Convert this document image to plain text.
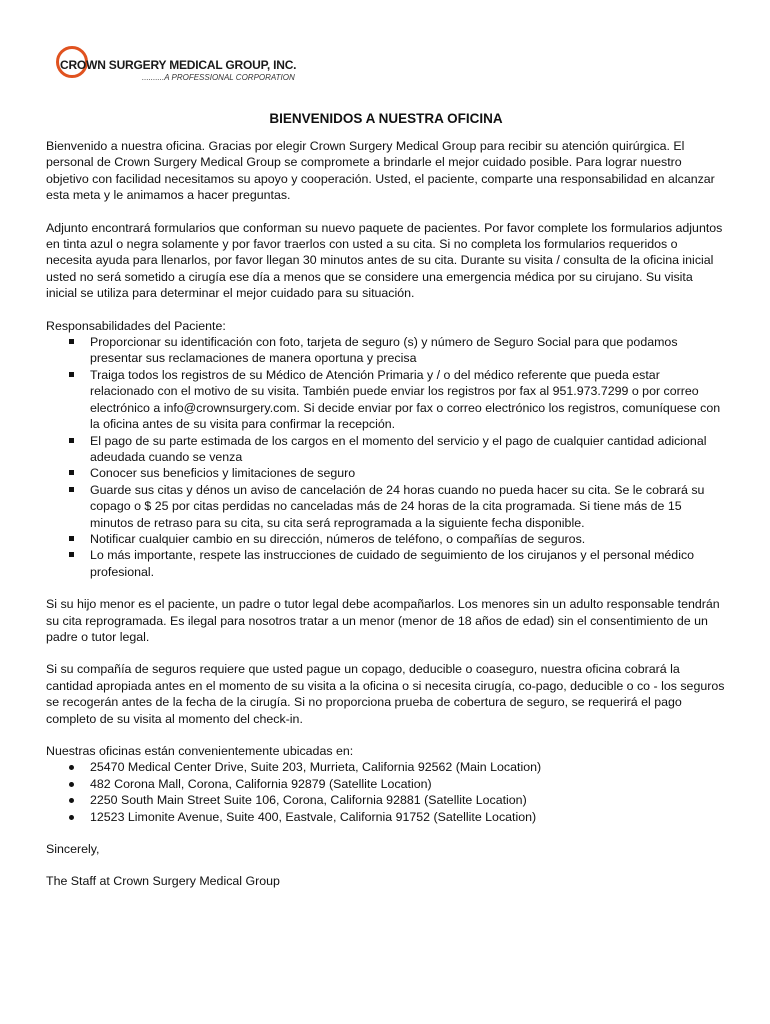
CROWN SURGERY MEDICAL GROUP, INC.
..........A PROFESSIONAL CORPORATION
BIENVENIDOS A NUESTRA OFICINA

Bienvenido a nuestra oficina. Gracias por elegir Crown Surgery Medical Group para recibir su atención quirúrgica. El personal de Crown Surgery Medical Group se compromete a brindarle el mejor cuidado posible. Para lograr nuestro objetivo con facilidad necesitamos su apoyo y cooperación. Usted, el paciente, comparte una responsabilidad en alcanzar esta meta y le animamos a hacer preguntas.

Adjunto encontrará formularios que conforman su nuevo paquete de pacientes. Por favor complete los formularios adjuntos en tinta azul o negra solamente y por favor traerlos con usted a su cita. Si no completa los formularios requeridos o necesita ayuda para llenarlos, por favor llegan 30 minutos antes de su cita. Durante su visita / consulta de la oficina inicial usted no será sometido a cirugía ese día a menos que se considere una emergencia médica por su cirujano. Su visita inicial se utiliza para determinar el mejor cuidado para su situación.

Responsabilidades del Paciente:
Proporcionar su identificación con foto, tarjeta de seguro (s) y número de Seguro Social para que podamos presentar sus reclamaciones de manera oportuna y precisa
Traiga todos los registros de su Médico de Atención Primaria y / o del médico referente que pueda estar relacionado con el motivo de su visita. También puede enviar los registros por fax al 951.973.7299 o por correo electrónico a info@crownsurgery.com. Si decide enviar por fax o correo electrónico los registros, comuníquese con la oficina antes de su visita para confirmar la recepción.
El pago de su parte estimada de los cargos en el momento del servicio y el pago de cualquier cantidad adicional adeudada cuando se venza
Conocer sus beneficios y limitaciones de seguro
Guarde sus citas y dénos un aviso de cancelación de 24 horas cuando no pueda hacer su cita. Se le cobrará su copago o $ 25 por citas perdidas no canceladas más de 24 horas de la cita programada. Si tiene más de 15 minutos de retraso para su cita, su cita será reprogramada a la siguiente fecha disponible.
Notificar cualquier cambio en su dirección, números de teléfono, o compañías de seguros.
Lo más importante, respete las instrucciones de cuidado de seguimiento de los cirujanos y el personal médico profesional.

Si su hijo menor es el paciente, un padre o tutor legal debe acompañarlos. Los menores sin un adulto responsable tendrán su cita reprogramada. Es ilegal para nosotros tratar a un menor (menor de 18 años de edad) sin el consentimiento de un padre o tutor legal.

Si su compañía de seguros requiere que usted pague un copago, deducible o coaseguro, nuestra oficina cobrará la cantidad apropiada antes en el momento de su visita a la oficina o si necesita cirugía, co-pago, deducible o co - los seguros se recogerán antes de la fecha de la cirugía. Si no proporciona prueba de cobertura de seguro, se requerirá el pago completo de su visita al momento del check-in.

Nuestras oficinas están convenientemente ubicadas en:
25470 Medical Center Drive, Suite 203, Murrieta, California 92562 (Main Location)
482 Corona Mall, Corona, California 92879 (Satellite Location)
2250 South Main Street Suite 106, Corona, California 92881 (Satellite Location)
12523 Limonite Avenue, Suite 400, Eastvale, California 91752 (Satellite Location)
Sincerely,
The Staff at Crown Surgery Medical Group
